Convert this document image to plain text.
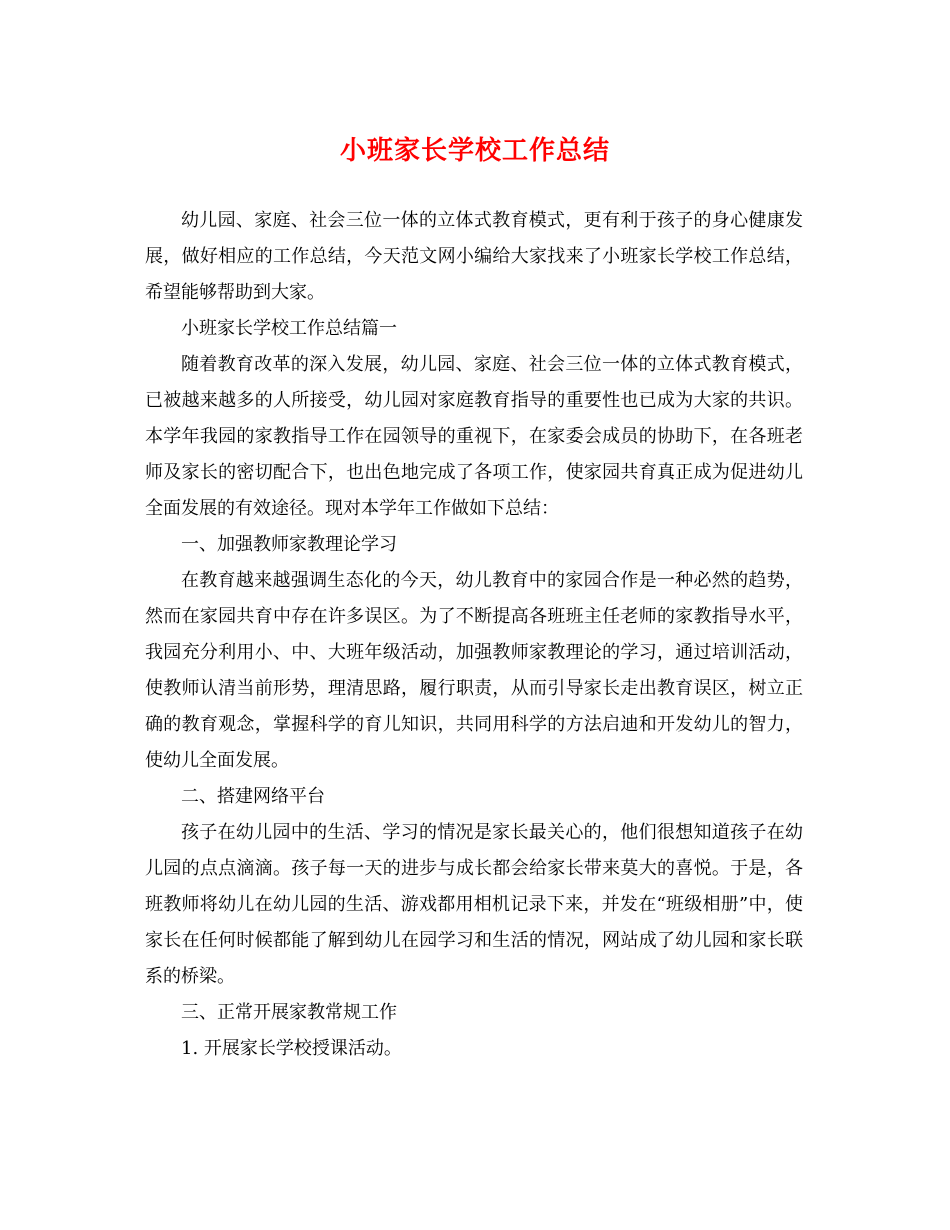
小班家长学校工作总结

幼儿园、家庭、社会三位一体的立体式教育模式，更有利于孩子的身心健康发展，做好相应的工作总结，今天范文网小编给大家找来了小班家长学校工作总结，希望能够帮助到大家。

小班家长学校工作总结篇一

随着教育改革的深入发展，幼儿园、家庭、社会三位一体的立体式教育模式，已被越来越多的人所接受，幼儿园对家庭教育指导的重要性也已成为大家的共识。本学年我园的家教指导工作在园领导的重视下，在家委会成员的协助下，在各班老师及家长的密切配合下，也出色地完成了各项工作，使家园共育真正成为促进幼儿全面发展的有效途径。现对本学年工作做如下总结：

一、加强教师家教理论学习

在教育越来越强调生态化的今天，幼儿教育中的家园合作是一种必然的趋势，然而在家园共育中存在许多误区。为了不断提高各班班主任老师的家教指导水平，我园充分利用小、中、大班年级活动，加强教师家教理论的学习，通过培训活动，使教师认清当前形势，理清思路，履行职责，从而引导家长走出教育误区，树立正确的教育观念，掌握科学的育儿知识，共同用科学的方法启迪和开发幼儿的智力，使幼儿全面发展。

二、搭建网络平台

孩子在幼儿园中的生活、学习的情况是家长最关心的，他们很想知道孩子在幼儿园的点点滴滴。孩子每一天的进步与成长都会给家长带来莫大的喜悦。于是，各班教师将幼儿在幼儿园的生活、游戏都用相机记录下来，并发在“班级相册”中，使家长在任何时候都能了解到幼儿在园学习和生活的情况，网站成了幼儿园和家长联系的桥梁。

三、正常开展家教常规工作

1. 开展家长学校授课活动。
